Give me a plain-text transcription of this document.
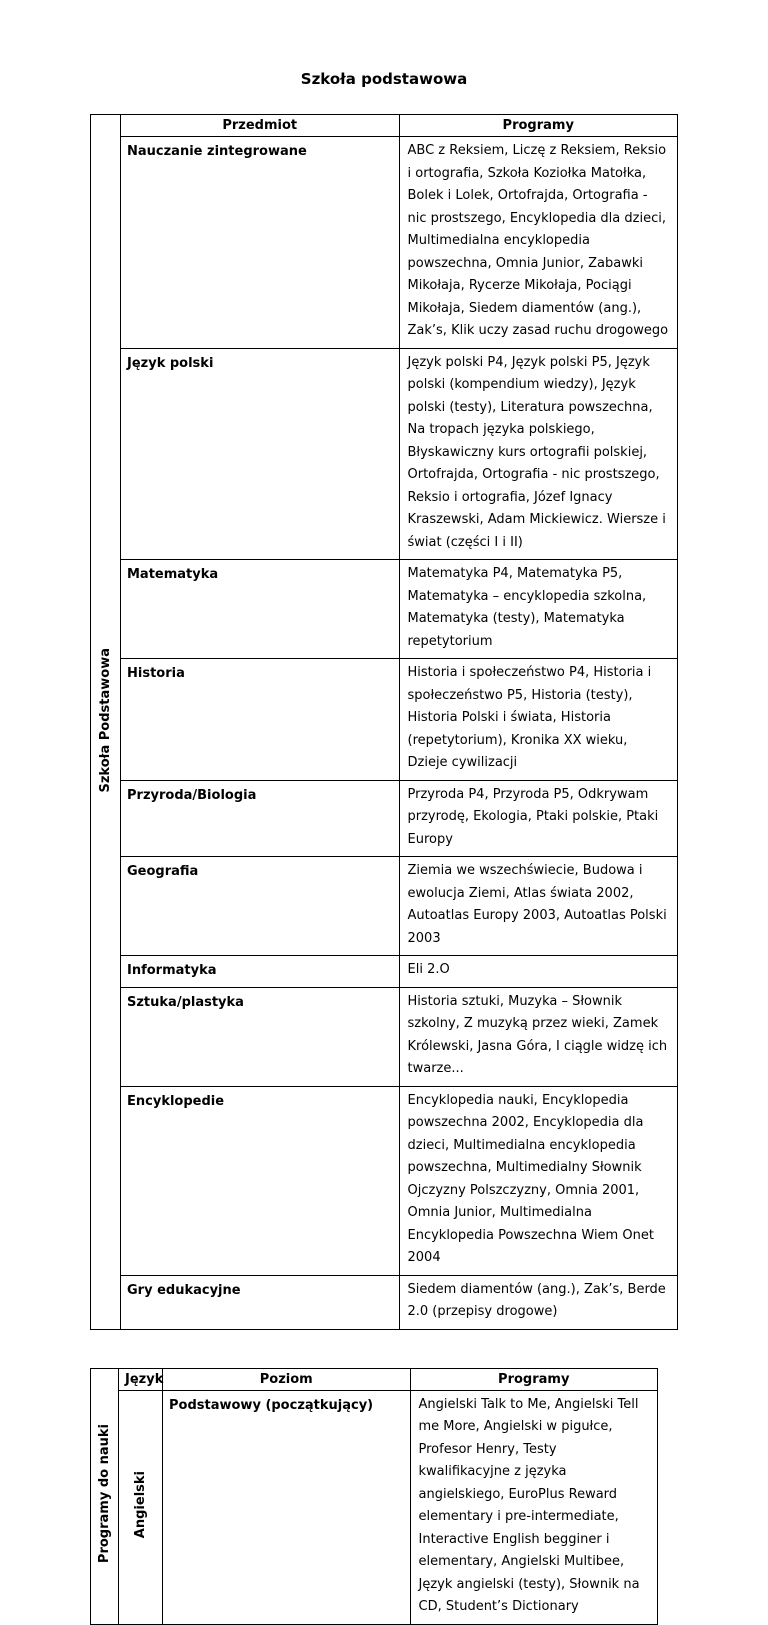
Szkoła podstawowa
Szkoła Podstawowa	Przedmiot	Programy
	Nauczanie zintegrowane	ABC z Reksiem, Liczę z Reksiem, Reksio i ortografia, Szkoła Koziołka Matołka, Bolek i Lolek, Ortofrajda, Ortografia - nic prostszego, Encyklopedia dla dzieci, Multimedialna encyklopedia powszechna, Omnia Junior, Zabawki Mikołaja, Rycerze Mikołaja, Pociągi Mikołaja, Siedem diamentów (ang.), Zak’s, Klik uczy zasad ruchu drogowego
	Język polski	Język polski P4, Język polski P5, Język polski (kompendium wiedzy), Język polski (testy), Literatura powszechna, Na tropach języka polskiego, Błyskawiczny kurs ortografii polskiej, Ortofrajda, Ortografia - nic prostszego, Reksio i ortografia, Józef Ignacy Kraszewski, Adam Mickiewicz. Wiersze i świat (części I i II)
	Matematyka	Matematyka P4, Matematyka P5, Matematyka – encyklopedia szkolna, Matematyka (testy), Matematyka repetytorium
	Historia	Historia i społeczeństwo P4, Historia i społeczeństwo P5, Historia (testy), Historia Polski i świata, Historia (repetytorium), Kronika XX wieku, Dzieje cywilizacji
	Przyroda/Biologia	Przyroda P4, Przyroda P5, Odkrywam przyrodę, Ekologia, Ptaki polskie, Ptaki Europy
	Geografia	Ziemia we wszechświecie, Budowa i ewolucja Ziemi, Atlas świata 2002, Autoatlas Europy 2003, Autoatlas Polski 2003
	Informatyka	Eli 2.O
	Sztuka/plastyka	Historia sztuki, Muzyka – Słownik szkolny, Z muzyką przez wieki, Zamek Królewski, Jasna Góra, I ciągle widzę ich twarze...
	Encyklopedie	Encyklopedia nauki, Encyklopedia powszechna 2002, Encyklopedia dla dzieci, Multimedialna encyklopedia powszechna, Multimedialny Słownik Ojczyzny Polszczyzny, Omnia 2001, Omnia Junior, Multimedialna Encyklopedia Powszechna Wiem Onet 2004
	Gry edukacyjne	Siedem diamentów (ang.), Zak’s, Berde 2.0 (przepisy drogowe)
Programy do nauki	Język	Poziom	Programy
	Angielski	Podstawowy (początkujący)	Angielski Talk to Me, Angielski Tell me More, Angielski w pigułce, Profesor Henry, Testy kwalifikacyjne z języka angielskiego, EuroPlus Reward elementary i pre-intermediate, Interactive English begginer i elementary, Angielski Multibee, Język angielski (testy), Słownik na CD, Student’s Dictionary
